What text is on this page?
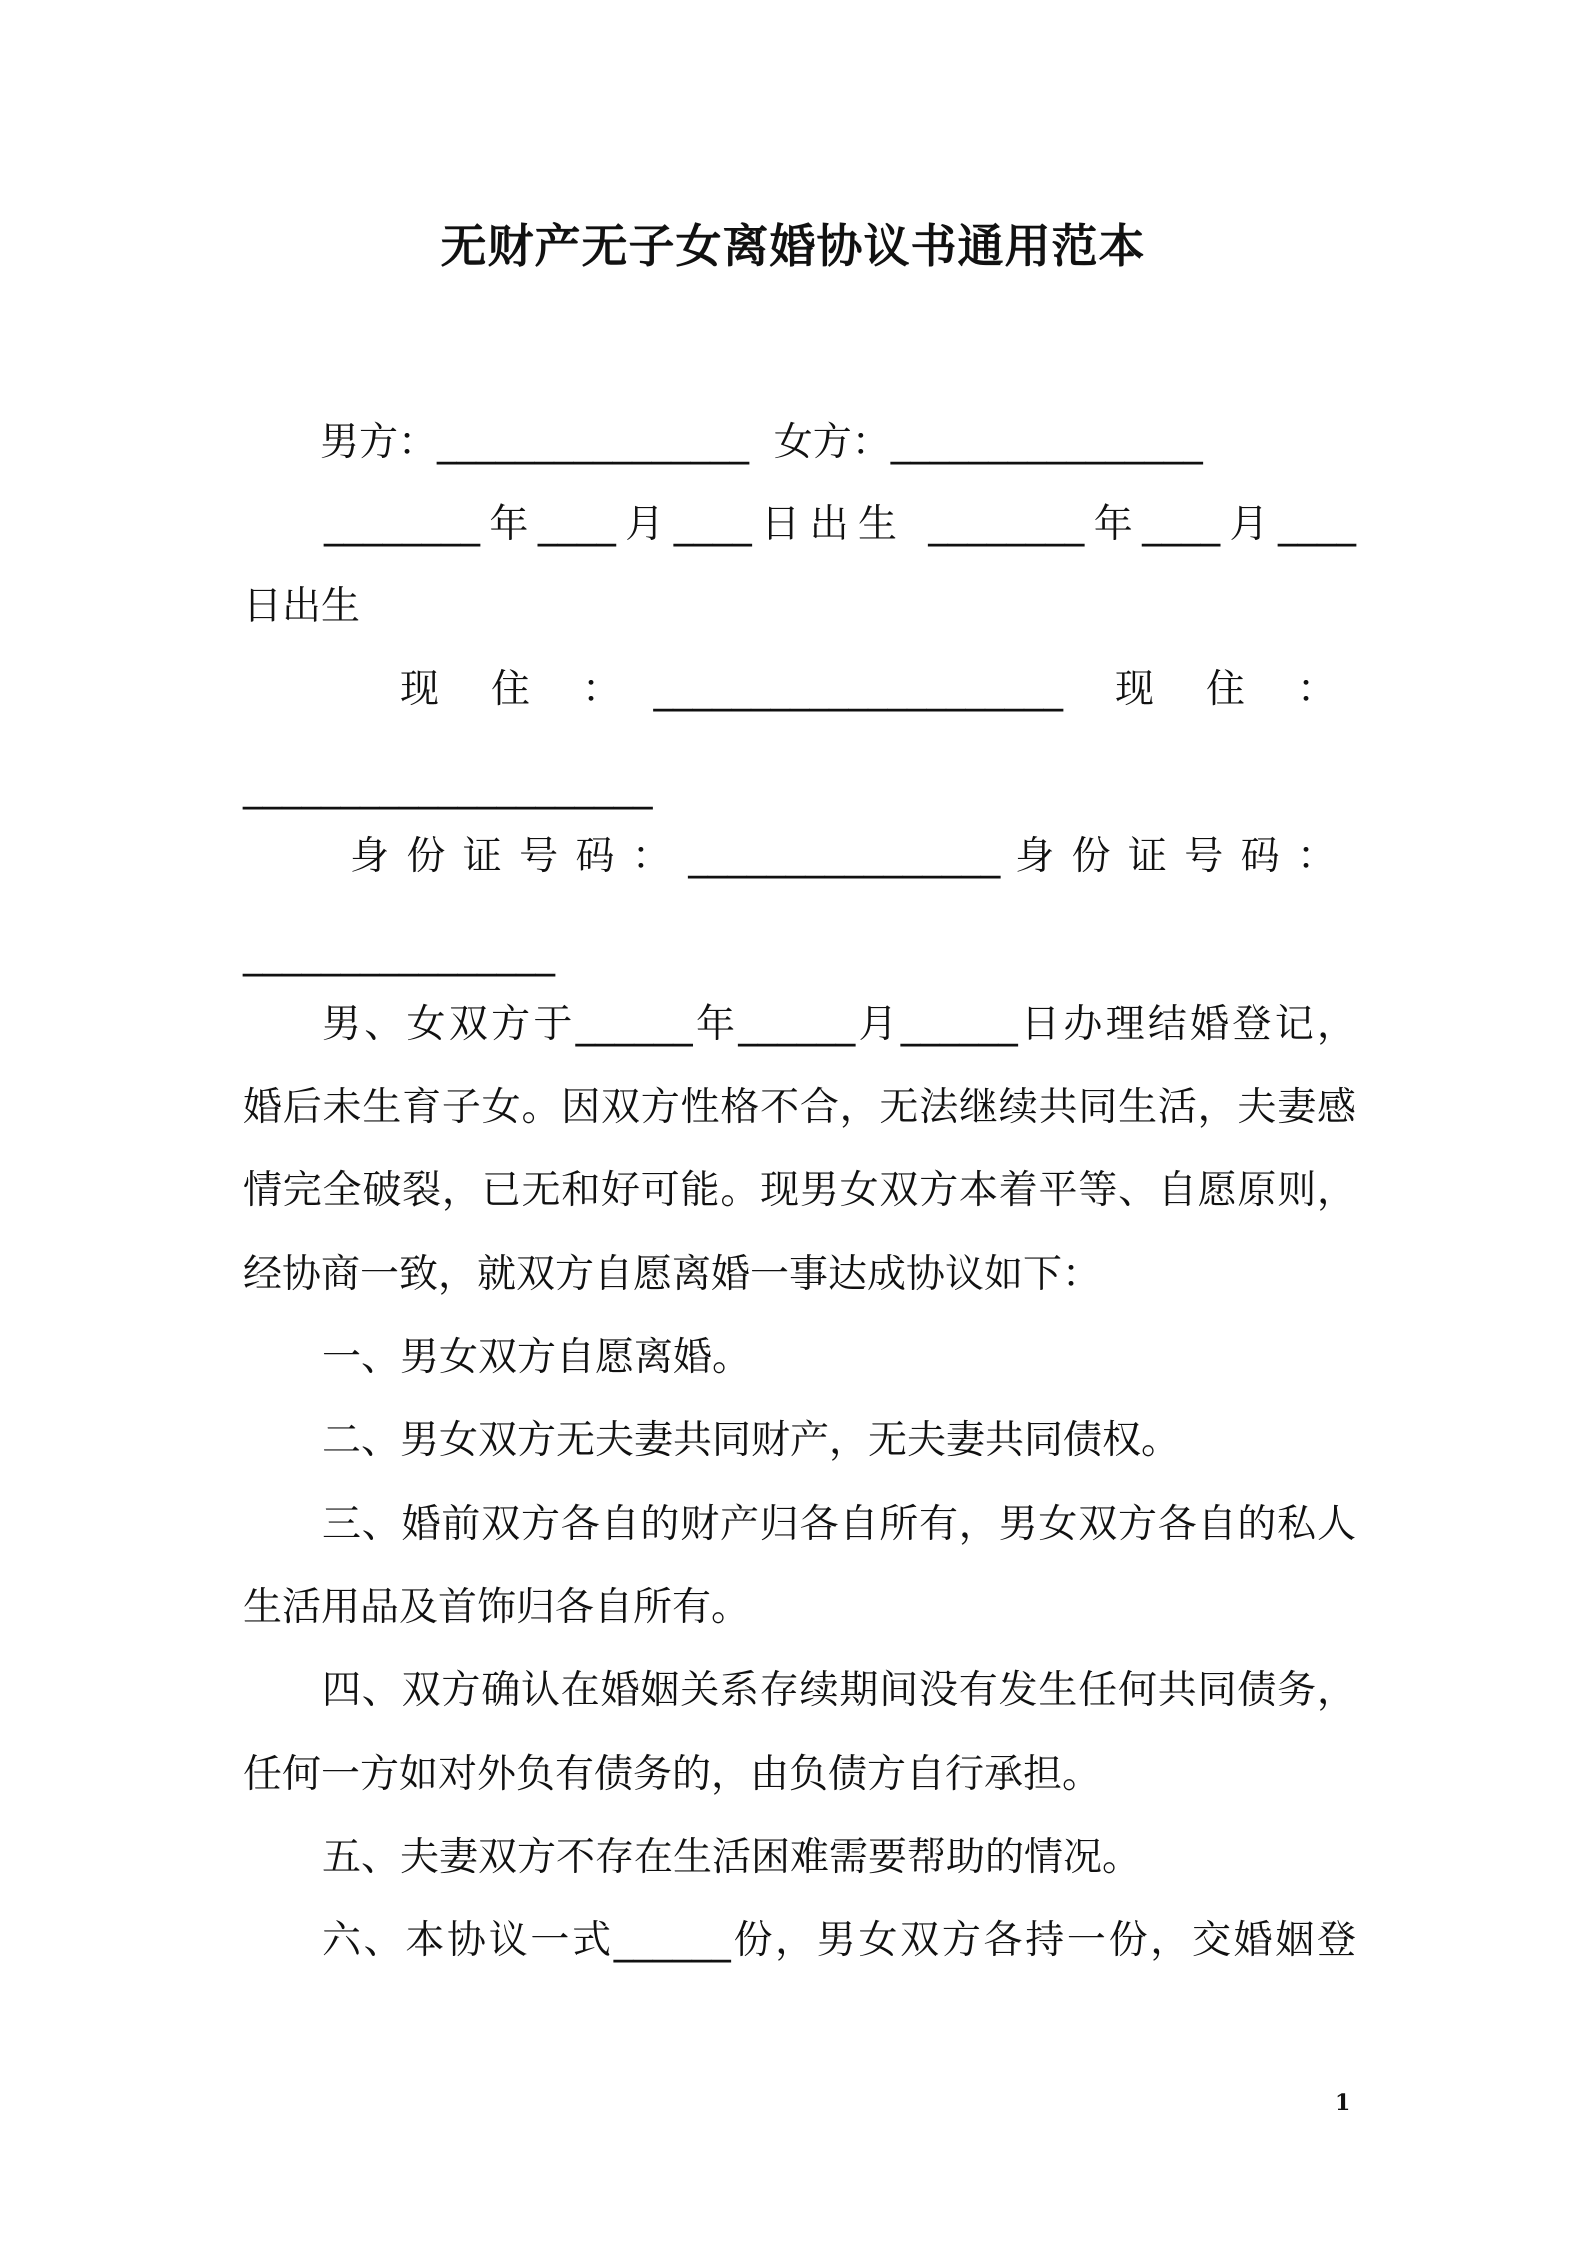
无财产无子女离婚协议书通用范本
男方：________________  女方：________________
________年____月____日出生 ________年____月____
日出生
现　住　：　_____________________　现　住　：
_____________________
身 份 证 号 码 ： ________________ 身 份 证 号 码 ：
________________
男、女双方于______年______月______日办理结婚登记，
婚后未生育子女。因双方性格不合，无法继续共同生活，夫妻感
情完全破裂，已无和好可能。现男女双方本着平等、自愿原则，
经协商一致，就双方自愿离婚一事达成协议如下：
一、男女双方自愿离婚。
二、男女双方无夫妻共同财产，无夫妻共同债权。
三、婚前双方各自的财产归各自所有，男女双方各自的私人
生活用品及首饰归各自所有。
四、双方确认在婚姻关系存续期间没有发生任何共同债务，
任何一方如对外负有债务的，由负债方自行承担。
五、夫妻双方不存在生活困难需要帮助的情况。
六、本协议一式______份，男女双方各持一份，交婚姻登
1
